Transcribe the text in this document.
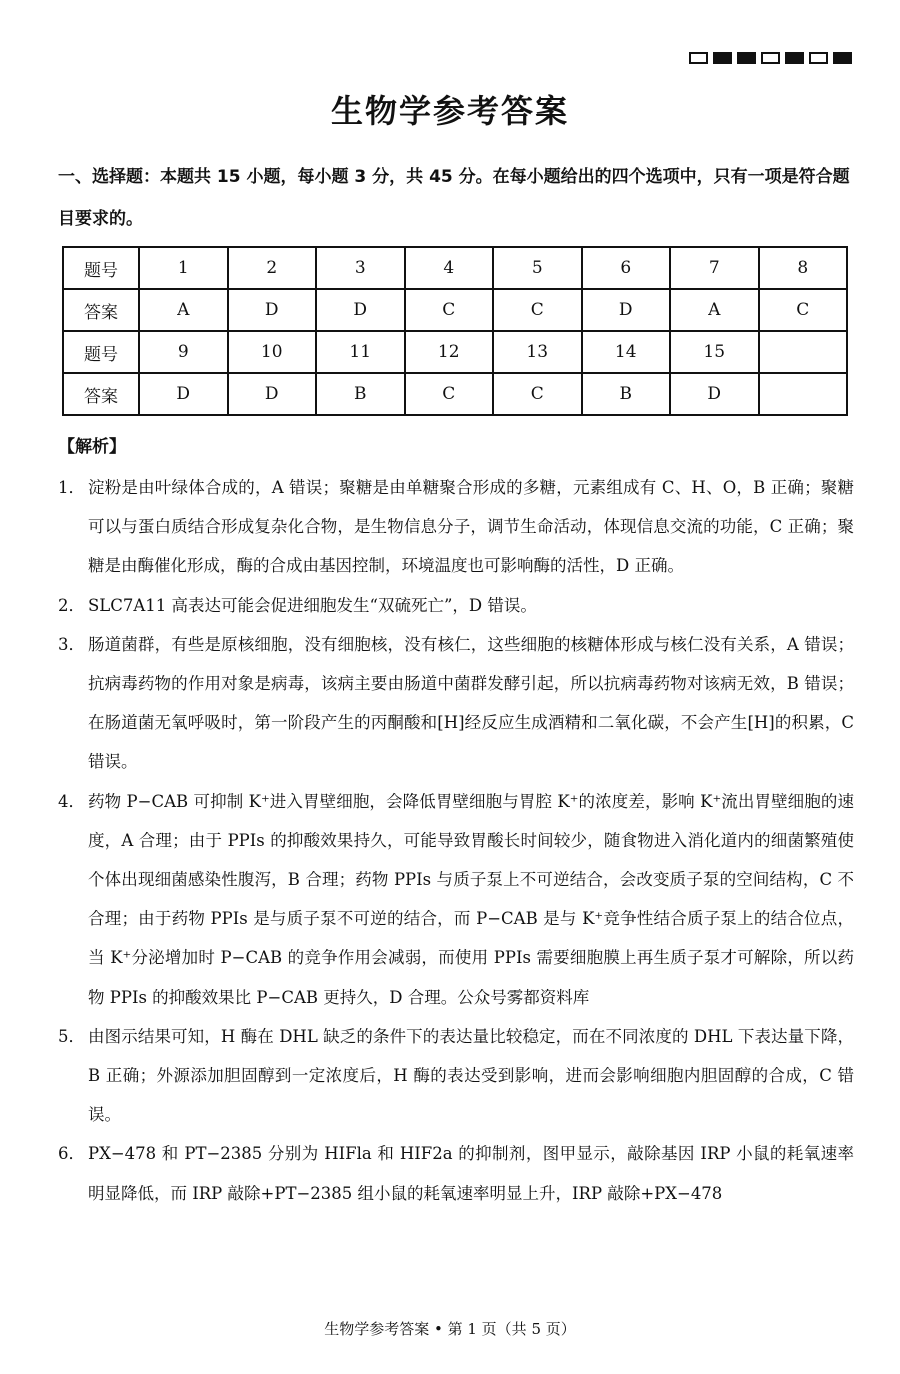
生物学参考答案
一、选择题：本题共 15 小题，每小题 3 分，共 45 分。在每小题给出的四个选项中，只有一项是符合题目要求的。
题号	1	2	3	4	5	6	7	8
答案	A	D	D	C	C	D	A	C
题号	9	10	11	12	13	14	15	
答案	D	D	B	C	C	B	D	
【解析】
1． 淀粉是由叶绿体合成的，A 错误；聚糖是由单糖聚合形成的多糖，元素组成有 C、H、O，B 正确；聚糖可以与蛋白质结合形成复杂化合物，是生物信息分子，调节生命活动，体现信息交流的功能，C 正确；聚糖是由酶催化形成，酶的合成由基因控制，环境温度也可影响酶的活性，D 正确。
2． SLC7A11 高表达可能会促进细胞发生“双硫死亡”，D 错误。
3． 肠道菌群，有些是原核细胞，没有细胞核，没有核仁，这些细胞的核糖体形成与核仁没有关系，A 错误；抗病毒药物的作用对象是病毒，该病主要由肠道中菌群发酵引起，所以抗病毒药物对该病无效，B 错误；在肠道菌无氧呼吸时，第一阶段产生的丙酮酸和[H]经反应生成酒精和二氧化碳，不会产生[H]的积累，C 错误。
4． 药物 P−CAB 可抑制 K⁺进入胃壁细胞，会降低胃壁细胞与胃腔 K⁺的浓度差，影响 K⁺流出胃壁细胞的速度，A 合理；由于 PPIs 的抑酸效果持久，可能导致胃酸长时间较少，随食物进入消化道内的细菌繁殖使个体出现细菌感染性腹泻，B 合理；药物 PPIs 与质子泵上不可逆结合，会改变质子泵的空间结构，C 不合理；由于药物 PPIs 是与质子泵不可逆的结合，而 P−CAB 是与 K⁺竞争性结合质子泵上的结合位点，当 K⁺分泌增加时 P−CAB 的竞争作用会减弱，而使用 PPIs 需要细胞膜上再生质子泵才可解除，所以药物 PPIs 的抑酸效果比 P−CAB 更持久，D 合理。公众号雾都资料库
5． 由图示结果可知，H 酶在 DHL 缺乏的条件下的表达量比较稳定，而在不同浓度的 DHL 下表达量下降，B 正确；外源添加胆固醇到一定浓度后，H 酶的表达受到影响，进而会影响细胞内胆固醇的合成，C 错误。
6． PX−478 和 PT−2385 分别为 HIFla 和 HIF2a 的抑制剂，图甲显示，敲除基因 IRP 小鼠的耗氧速率明显降低，而 IRP 敲除+PT−2385 组小鼠的耗氧速率明显上升，IRP 敲除+PX−478
生物学参考答案 • 第 1 页（共 5 页）
